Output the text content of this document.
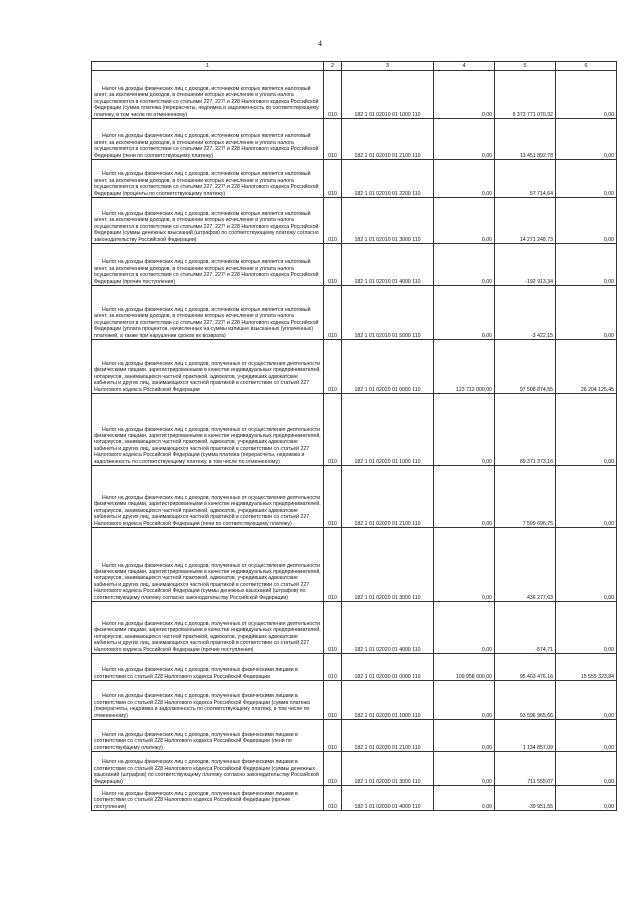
4
1	2	3	4	5	6
Налог на доходы физических лиц с доходов, источником которых является налоговый агент, за исключением доходов, в отношении которых исчисление и уплата налога осуществляются в соответствии со статьями 227, 227¹ и 228 Налогового кодекса Российской Федерации (сумма платежа (перерасчеты, недоимка и задолженность по соответствующему платежу, в том числе по отмененному)	010	182 1 01 02010 01 1000 110	0,00	6 373 771 070,32	0,00
Налог на доходы физических лиц с доходов, источником которых является налоговый агент, за исключением доходов, в отношении которых исчисление и уплата налога осуществляются в соответствии со статьями 227, 227¹ и 228 Налогового кодекса Российской Федерации (пени по соответствующему платежу)	010	182 1 01 02010 01 2100 110	0,00	11 451 892,78	0,00
Налог на доходы физических лиц с доходов, источником которых является налоговый агент, за исключением доходов, в отношении которых исчисление и уплата налога осуществляются в соответствии со статьями 227, 227¹ и 228 Налогового кодекса Российской Федерации (проценты по соответствующему платежу)	010	182 1 01 02010 01 2200 110	0,00	57 714,64	0,00
Налог на доходы физических лиц с доходов, источником которых является налоговый агент, за исключением доходов, в отношении которых исчисление и уплата налога осуществляются в соответствии со статьями 227, 227¹ и 228 Налогового кодекса Российской Федерации (суммы денежных взысканий (штрафов) по соответствующему платежу согласно законодательству Российской Федерации)	010	182 1 01 02010 01 3000 110	0,00	14 271 248,73	0,00
Налог на доходы физических лиц с доходов, источником которых является налоговый агент, за исключением доходов, в отношении которых исчисление и уплата налога осуществляются в соответствии со статьями 227, 227¹ и 228 Налогового кодекса Российской Федерации (прочие поступления)	010	182 1 01 02010 01 4000 110	0,00	-192 913,34	0,00
Налог на доходы физических лиц с доходов, источником которых является налоговый агент, за исключением доходов, в отношении которых исчисление и уплата налога осуществляются в соответствии со статьями 227, 227¹ и 228 Налогового кодекса Российской Федерации (уплата процентов, начисленных на суммы излишне взысканных (уплаченных) платежей, а также при нарушении сроков их возврата)	010	182 1 01 02010 01 5000 110	0,00	-3 422,15	0,00
Налог на доходы физических лиц с доходов, полученных от осуществления деятельности физическими лицами, зарегистрированными в качестве индивидуальных предпринимателей, нотариусов, занимающихся частной практикой, адвокатов, учредивших адвокатские кабинеты и других лиц, занимающихся частной практикой в соответствии со статьей 227 Налогового кодекса Российской Федерации	010	182 1 01 02020 01 0000 110	123 712 000,00	97 508 874,55	26 204 125,45
Налог на доходы физических лиц с доходов, полученных от осуществления деятельности физическими лицами, зарегистрированными в качестве индивидуальных предпринимателей, нотариусов, занимающихся частной практикой, адвокатов, учредивших адвокатские кабинеты и других лиц, занимающихся частной практикой в соответствии со статьей 227 Налогового кодекса Российской Федерации (сумма платежа (перерасчеты, недоимка и задолженность по соответствующему платежу, в том числе по отмененному)	010	182 1 01 02020 01 1000 110	0,00	89 371 373,16	0,00
Налог на доходы физических лиц с доходов, полученных от осуществления деятельности физическими лицами, зарегистрированными в качестве индивидуальных предпринимателей, нотариусов, занимающихся частной практикой, адвокатов, учредивших адвокатские кабинеты и других лиц, занимающихся частной практикой в соответствии со статьей 227 Налогового кодекса Российской Федерации (пени по соответствующему платежу)	010	182 1 01 02020 01 2100 110	0,00	7 599 696,75	0,00
Налог на доходы физических лиц с доходов, полученных от осуществления деятельности физическими лицами, зарегистрированными в качестве индивидуальных предпринимателей, нотариусов, занимающихся частной практикой, адвокатов, учредивших адвокатские кабинеты и других лиц, занимающихся частной практикой в соответствии со статьей 227 Налогового кодекса Российской Федерации (суммы денежных взысканий (штрафов) по соответствующему платежу согласно законодательству Российской Федерации)	010	182 1 01 02020 01 3000 110	0,00	436 277,63	0,00
Налог на доходы физических лиц с доходов, полученных от осуществления деятельности физическими лицами, зарегистрированными в качестве индивидуальных предпринимателей, нотариусов, занимающихся частной практикой, адвокатов, учредивших адвокатские кабинеты и других лиц, занимающихся частной практикой в соответствии со статьей 227 Налогового кодекса Российской Федерации (прочие поступления)	010	182 1 01 02020 01 4000 110	0,00	-574,71	0,00
Налог на доходы физических лиц с доходов, полученных физическими лицами в соответствии со статьей 228 Налогового кодекса Российской Федерации	010	182 1 01 02030 01 0000 110	109 958 000,00	95 403 476,16	15 555 323,84
Налог на доходы физических лиц с доходов, полученных физическими лицами в соответствии со статьей 228 Налогового кодекса Российской Федерации (сумма платежа (перерасчеты, недоимка и задолженность по соответствующему платежу, в том числе по отмененному)	010	182 1 01 02030 01 1000 110	0,00	93 596 965,66	0,00
Налог на доходы физических лиц с доходов, полученных физическими лицами в соответствии со статьей 228 Налогового кодекса Российской Федерации (пени по соответствующему платежу)	010	182 1 01 02030 01 2100 110	0,00	1 134 857,09	0,00
Налог на доходы физических лиц с доходов, полученных физическими лицами в соответствии со статьей 228 Налогового кодекса Российской Федерации (суммы денежных взысканий (штрафов) по соответствующему платежу согласно законодательству Российской Федерации)	010	182 1 01 02030 01 3000 110	0,00	711 555,07	0,00
Налог на доходы физических лиц с доходов, полученных физическими лицами в соответствии со статьей 228 Налогового кодекса Российской Федерации (прочие поступления)	010	182 1 01 02030 01 4000 110	0,00	-39 951,55	0,00
